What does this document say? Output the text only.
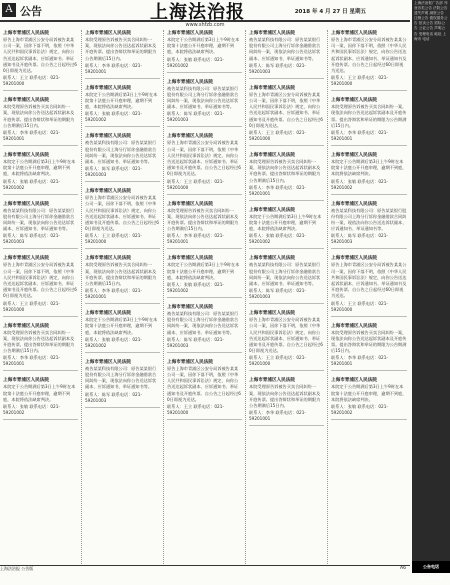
A 公告	上海法治报	2018 年 4 月 27 日 星期五
www.shfzb.com
上海市青浦区人民法院
原告上海市青浦区公安分局诉被告某某公司一案，因你下落不明，依照《中华人民共和国民事诉讼法》规定，向你公告送达起诉状副本、应诉通知书、举证通知书及开庭传票。自公告之日起经过60日即视为送达。
联系人：王立 联系电话：021-59201000
上海市青浦区人民法院
本院受理原告诉被告买卖合同纠纷一案，现依法向你公告送达起诉状副本及开庭传票。提出答辩状和举证的期限为公告期满后15日内。
联系人：李华 联系电话：021-59201001
上海市青浦区人民法院
本院定于公告期满后第3日上午9时在本院第十法庭公开开庭审理，逾期不到庭，本院将依法缺席判决。
联系人：张敏 联系电话：021-59201002
上海市青浦区人民法院
被告某某科技有限公司：原告某某银行股份有限公司上海分行诉你金融借款合同纠纷一案，现依法向你公告送达诉状副本、应诉通知书、举证通知书等。
联系人：陈军 联系电话：021-59201003
上海市青浦区人民法院
原告上海市青浦区公安分局诉被告某某公司一案，因你下落不明，依照《中华人民共和国民事诉讼法》规定，向你公告送达起诉状副本、应诉通知书、举证通知书及开庭传票。自公告之日起经过60日即视为送达。
联系人：王立 联系电话：021-59201000
上海市青浦区人民法院
本院受理原告诉被告买卖合同纠纷一案，现依法向你公告送达起诉状副本及开庭传票。提出答辩状和举证的期限为公告期满后15日内。
联系人：李华 联系电话：021-59201001
上海市青浦区人民法院
本院定于公告期满后第3日上午9时在本院第十法庭公开开庭审理，逾期不到庭，本院将依法缺席判决。
联系人：张敏 联系电话：021-59201002
上海市青浦区人民法院
本院受理原告诉被告买卖合同纠纷一案，现依法向你公告送达起诉状副本及开庭传票。提出答辩状和举证的期限为公告期满后15日内。
联系人：李华 联系电话：021-59201001
上海市青浦区人民法院
本院定于公告期满后第3日上午9时在本院第十法庭公开开庭审理，逾期不到庭，本院将依法缺席判决。
联系人：张敏 联系电话：021-59201002
上海市青浦区人民法院
被告某某科技有限公司：原告某某银行股份有限公司上海分行诉你金融借款合同纠纷一案，现依法向你公告送达诉状副本、应诉通知书、举证通知书等。
联系人：陈军 联系电话：021-59201003
上海市青浦区人民法院
原告上海市青浦区公安分局诉被告某某公司一案，因你下落不明，依照《中华人民共和国民事诉讼法》规定，向你公告送达起诉状副本、应诉通知书、举证通知书及开庭传票。自公告之日起经过60日即视为送达。
联系人：王立 联系电话：021-59201000
上海市青浦区人民法院
本院受理原告诉被告买卖合同纠纷一案，现依法向你公告送达起诉状副本及开庭传票。提出答辩状和举证的期限为公告期满后15日内。
联系人：李华 联系电话：021-59201001
上海市青浦区人民法院
本院定于公告期满后第3日上午9时在本院第十法庭公开开庭审理，逾期不到庭，本院将依法缺席判决。
联系人：张敏 联系电话：021-59201002
上海市青浦区人民法院
被告某某科技有限公司：原告某某银行股份有限公司上海分行诉你金融借款合同纠纷一案，现依法向你公告送达诉状副本、应诉通知书、举证通知书等。
联系人：陈军 联系电话：021-59201003
上海市青浦区人民法院
本院定于公告期满后第3日上午9时在本院第十法庭公开开庭审理，逾期不到庭，本院将依法缺席判决。
联系人：张敏 联系电话：021-59201002
上海市青浦区人民法院
被告某某科技有限公司：原告某某银行股份有限公司上海分行诉你金融借款合同纠纷一案，现依法向你公告送达诉状副本、应诉通知书、举证通知书等。
联系人：陈军 联系电话：021-59201003
上海市青浦区人民法院
原告上海市青浦区公安分局诉被告某某公司一案，因你下落不明，依照《中华人民共和国民事诉讼法》规定，向你公告送达起诉状副本、应诉通知书、举证通知书及开庭传票。自公告之日起经过60日即视为送达。
联系人：王立 联系电话：021-59201000
上海市青浦区人民法院
本院受理原告诉被告买卖合同纠纷一案，现依法向你公告送达起诉状副本及开庭传票。提出答辩状和举证的期限为公告期满后15日内。
联系人：李华 联系电话：021-59201001
上海市青浦区人民法院
本院定于公告期满后第3日上午9时在本院第十法庭公开开庭审理，逾期不到庭，本院将依法缺席判决。
联系人：张敏 联系电话：021-59201002
上海市青浦区人民法院
被告某某科技有限公司：原告某某银行股份有限公司上海分行诉你金融借款合同纠纷一案，现依法向你公告送达诉状副本、应诉通知书、举证通知书等。
联系人：陈军 联系电话：021-59201003
上海市青浦区人民法院
原告上海市青浦区公安分局诉被告某某公司一案，因你下落不明，依照《中华人民共和国民事诉讼法》规定，向你公告送达起诉状副本、应诉通知书、举证通知书及开庭传票。自公告之日起经过60日即视为送达。
联系人：王立 联系电话：021-59201000
上海市青浦区人民法院
被告某某科技有限公司：原告某某银行股份有限公司上海分行诉你金融借款合同纠纷一案，现依法向你公告送达诉状副本、应诉通知书、举证通知书等。
联系人：陈军 联系电话：021-59201003
上海市青浦区人民法院
原告上海市青浦区公安分局诉被告某某公司一案，因你下落不明，依照《中华人民共和国民事诉讼法》规定，向你公告送达起诉状副本、应诉通知书、举证通知书及开庭传票。自公告之日起经过60日即视为送达。
联系人：王立 联系电话：021-59201000
上海市青浦区人民法院
本院受理原告诉被告买卖合同纠纷一案，现依法向你公告送达起诉状副本及开庭传票。提出答辩状和举证的期限为公告期满后15日内。
联系人：李华 联系电话：021-59201001
上海市青浦区人民法院
本院定于公告期满后第3日上午9时在本院第十法庭公开开庭审理，逾期不到庭，本院将依法缺席判决。
联系人：张敏 联系电话：021-59201002
上海市青浦区人民法院
被告某某科技有限公司：原告某某银行股份有限公司上海分行诉你金融借款合同纠纷一案，现依法向你公告送达诉状副本、应诉通知书、举证通知书等。
联系人：陈军 联系电话：021-59201003
上海市青浦区人民法院
原告上海市青浦区公安分局诉被告某某公司一案，因你下落不明，依照《中华人民共和国民事诉讼法》规定，向你公告送达起诉状副本、应诉通知书、举证通知书及开庭传票。自公告之日起经过60日即视为送达。
联系人：王立 联系电话：021-59201000
上海市青浦区人民法院
本院受理原告诉被告买卖合同纠纷一案，现依法向你公告送达起诉状副本及开庭传票。提出答辩状和举证的期限为公告期满后15日内。
联系人：李华 联系电话：021-59201001
上海市青浦区人民法院
原告上海市青浦区公安分局诉被告某某公司一案，因你下落不明，依照《中华人民共和国民事诉讼法》规定，向你公告送达起诉状副本、应诉通知书、举证通知书及开庭传票。自公告之日起经过60日即视为送达。
联系人：王立 联系电话：021-59201000
上海市青浦区人民法院
本院受理原告诉被告买卖合同纠纷一案，现依法向你公告送达起诉状副本及开庭传票。提出答辩状和举证的期限为公告期满后15日内。
联系人：李华 联系电话：021-59201001
上海市青浦区人民法院
本院定于公告期满后第3日上午9时在本院第十法庭公开开庭审理，逾期不到庭，本院将依法缺席判决。
联系人：张敏 联系电话：021-59201002
上海市青浦区人民法院
被告某某科技有限公司：原告某某银行股份有限公司上海分行诉你金融借款合同纠纷一案，现依法向你公告送达诉状副本、应诉通知书、举证通知书等。
联系人：陈军 联系电话：021-59201003
上海市青浦区人民法院
原告上海市青浦区公安分局诉被告某某公司一案，因你下落不明，依照《中华人民共和国民事诉讼法》规定，向你公告送达起诉状副本、应诉通知书、举证通知书及开庭传票。自公告之日起经过60日即视为送达。
联系人：王立 联系电话：021-59201000
上海市青浦区人民法院
本院受理原告诉被告买卖合同纠纷一案，现依法向你公告送达起诉状副本及开庭传票。提出答辩状和举证的期限为公告期满后15日内。
联系人：李华 联系电话：021-59201001
上海市青浦区人民法院
本院定于公告期满后第3日上午9时在本院第十法庭公开开庭审理，逾期不到庭，本院将依法缺席判决。
联系人：张敏 联系电话：021-59201002
上海法治报广告部 刊登各类公告 法院公告 遗失声明 减资公告 注销公告 债权债务公告 拍卖公告 招标公告 公证公告 声明公告 受理电话 地址 上海市 电话
公告电话 59241361
上海法治报 公告版	A6
